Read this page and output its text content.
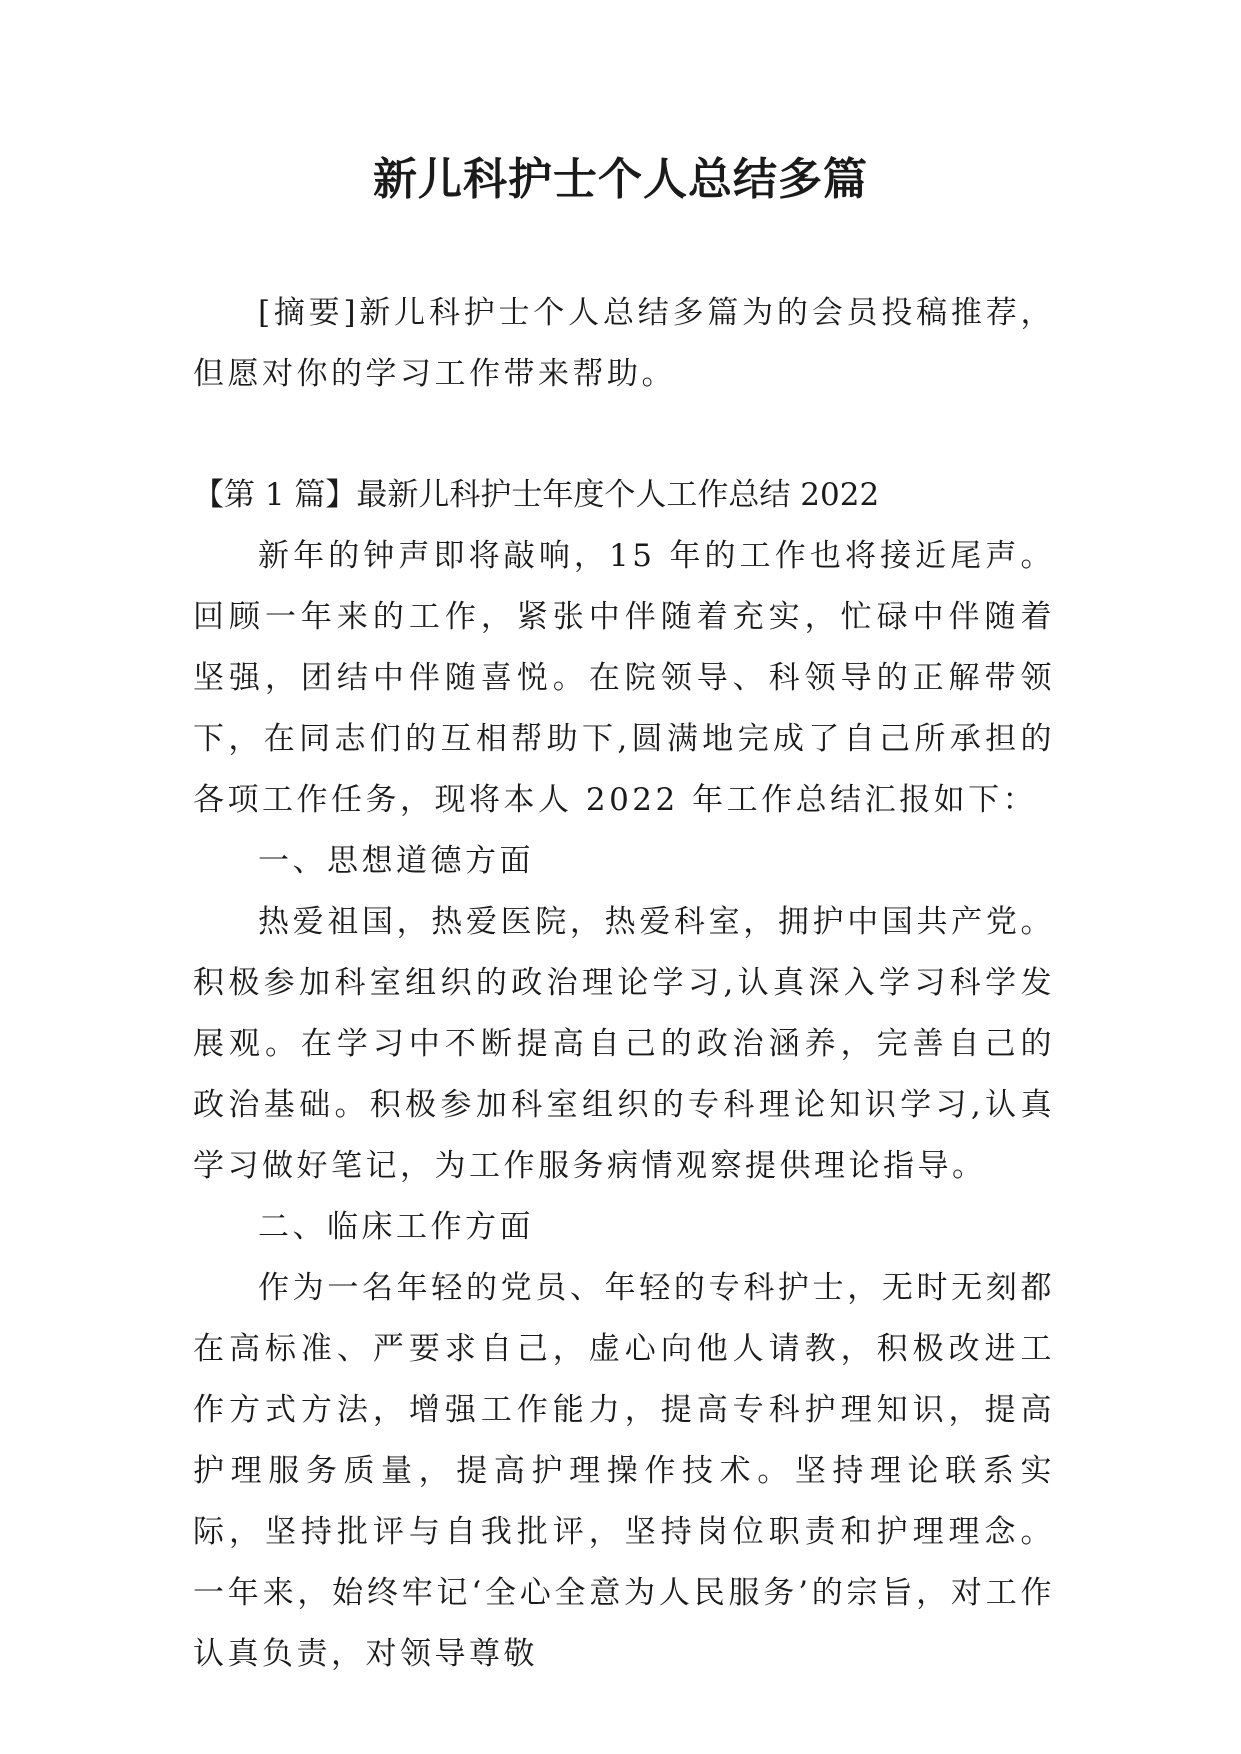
新儿科护士个人总结多篇
[摘要]新儿科护士个人总结多篇为的会员投稿推荐，但愿对你的学习工作带来帮助。

【第 1 篇】最新儿科护士年度个人工作总结 2022

新年的钟声即将敲响，15 年的工作也将接近尾声。回顾一年来的工作，紧张中伴随着充实，忙碌中伴随着坚强，团结中伴随喜悦。在院领导、科领导的正解带领下，在同志们的互相帮助下,圆满地完成了自己所承担的各项工作任务，现将本人 2022 年工作总结汇报如下：

一、思想道德方面

热爱祖国，热爱医院，热爱科室，拥护中国共产党。积极参加科室组织的政治理论学习,认真深入学习科学发展观。在学习中不断提高自己的政治涵养，完善自己的政治基础。积极参加科室组织的专科理论知识学习,认真学习做好笔记，为工作服务病情观察提供理论指导。

二、临床工作方面

作为一名年轻的党员、年轻的专科护士，无时无刻都在高标准、严要求自己，虚心向他人请教，积极改进工作方式方法，增强工作能力，提高专科护理知识，提高护理服务质量，提高护理操作技术。坚持理论联系实际，坚持批评与自我批评，坚持岗位职责和护理理念。一年来，始终牢记‘全心全意为人民服务’的宗旨，对工作认真负责，对领导尊敬
